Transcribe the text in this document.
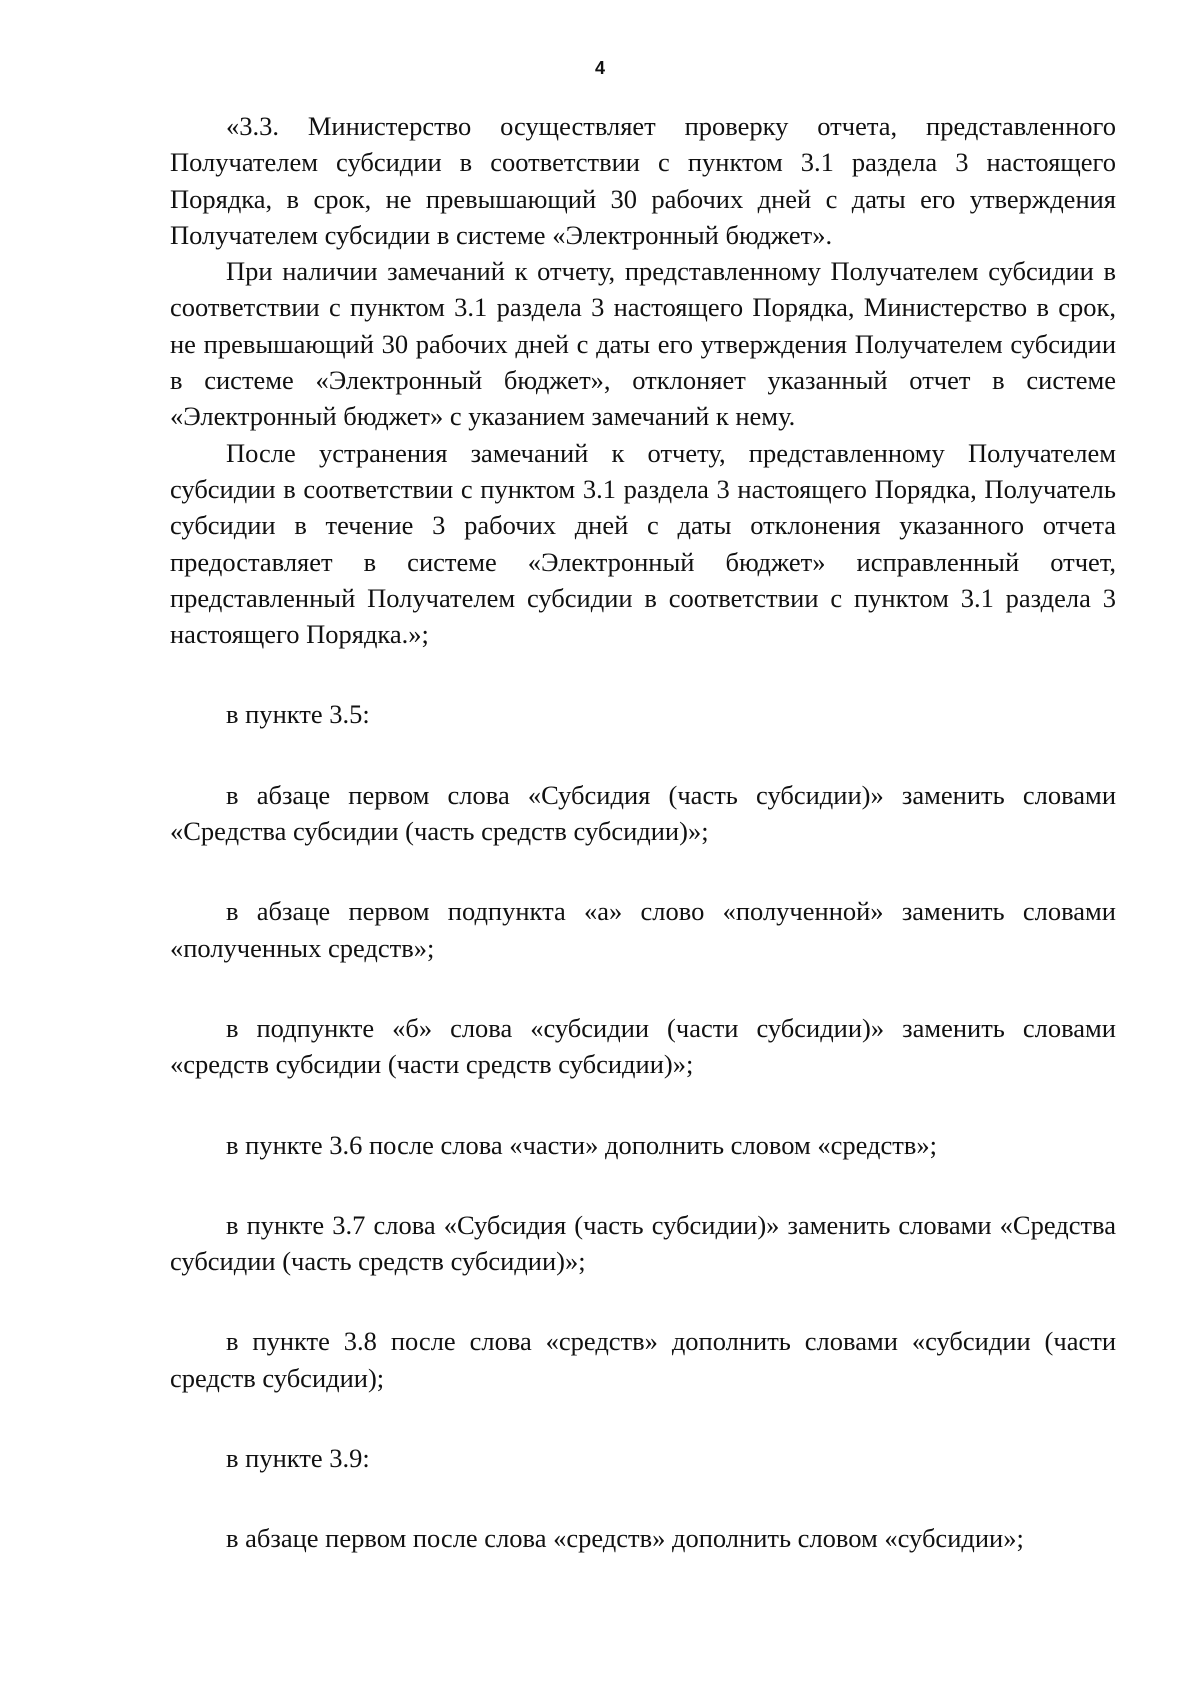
4

«3.3. Министерство осуществляет проверку отчета, представленного Получателем субсидии в соответствии с пунктом 3.1 раздела 3 настоящего Порядка, в срок, не превышающий 30 рабочих дней с даты его утверждения Получателем субсидии в системе «Электронный бюджет».

При наличии замечаний к отчету, представленному Получателем субсидии в соответствии с пунктом 3.1 раздела 3 настоящего Порядка, Министерство в срок, не превышающий 30 рабочих дней с даты его утверждения Получателем субсидии в системе «Электронный бюджет», отклоняет указанный отчет в системе «Электронный бюджет» с указанием замечаний к нему.

После устранения замечаний к отчету, представленному Получателем субсидии в соответствии с пунктом 3.1 раздела 3 настоящего Порядка, Получатель субсидии в течение 3 рабочих дней с даты отклонения указанного отчета предоставляет в системе «Электронный бюджет» исправленный отчет, представленный Получателем субсидии в соответствии с пунктом 3.1 раздела 3 настоящего Порядка.»;

в пункте 3.5:

в абзаце первом слова «Субсидия (часть субсидии)» заменить словами «Средства субсидии (часть средств субсидии)»;

в абзаце первом подпункта «а» слово «полученной» заменить словами «полученных средств»;

в подпункте «б» слова «субсидии (части субсидии)» заменить словами «средств субсидии (части средств субсидии)»;

в пункте 3.6 после слова «части» дополнить словом «средств»;

в пункте 3.7 слова «Субсидия (часть субсидии)» заменить словами «Средства субсидии (часть средств субсидии)»;

в пункте 3.8 после слова «средств» дополнить словами «субсидии (части средств субсидии);

в пункте 3.9:

в абзаце первом после слова «средств» дополнить словом «субсидии»;
